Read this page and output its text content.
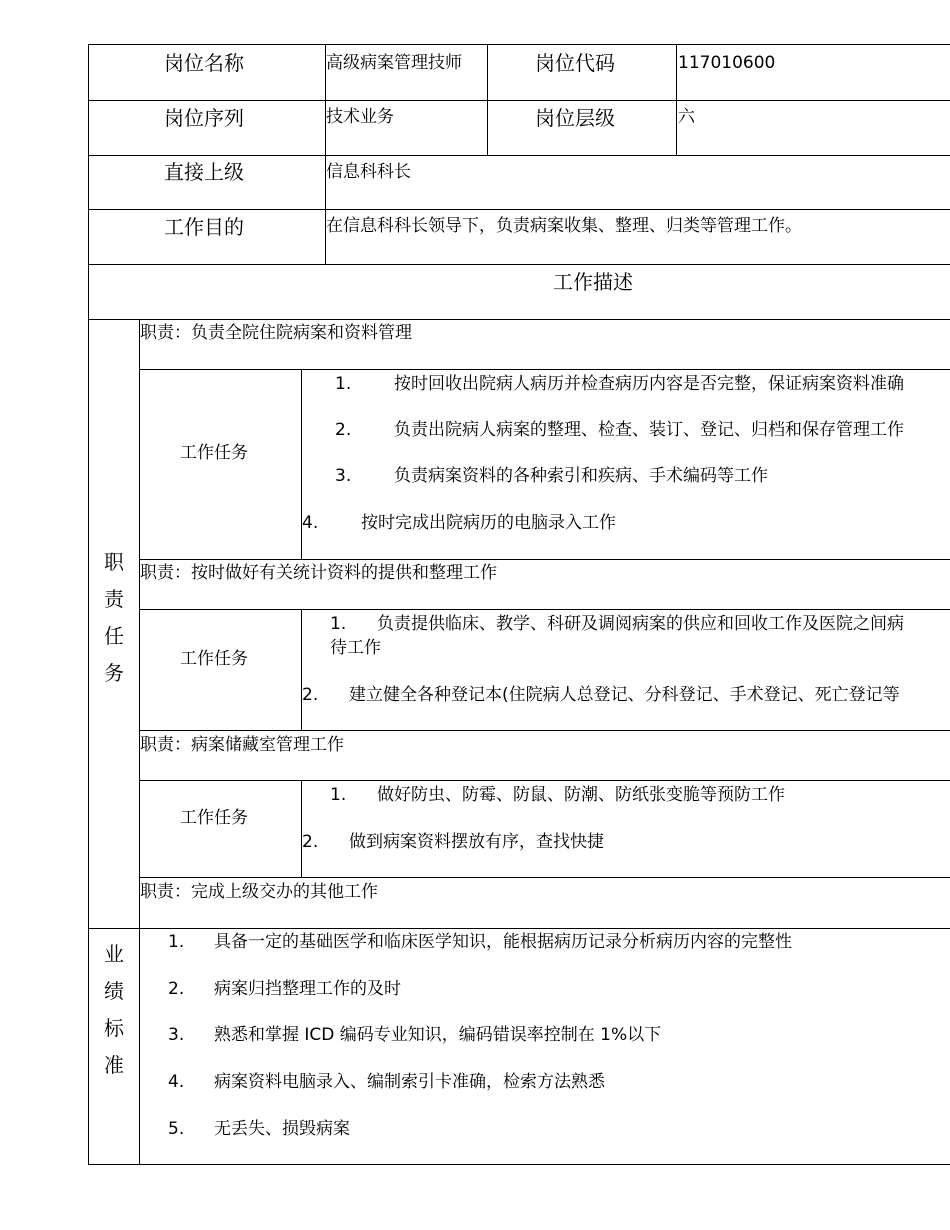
岗位名称	高级病案管理技师	岗位代码	117010600
岗位序列	技术业务	岗位层级	六
直接上级	信息科科长
工作目的	在信息科科长领导下，负责病案收集、整理、归类等管理工作。
工作描述
职
责
任
务
职责：负责全院住院病案和资料管理
工作任务
1.	按时回收出院病人病历并检查病历内容是否完整，保证病案资料准确
2.	负责出院病人病案的整理、检查、装订、登记、归档和保存管理工作
3.	负责病案资料的各种索引和疾病、手术编码等工作
4.	按时完成出院病历的电脑录入工作
职责：按时做好有关统计资料的提供和整理工作
工作任务
1. 负责提供临床、教学、科研及调阅病案的供应和回收工作及医院之间病
待工作
2. 建立健全各种登记本(住院病人总登记、分科登记、手术登记、死亡登记等
职责：病案储藏室管理工作
工作任务
1. 做好防虫、防霉、防鼠、防潮、防纸张变脆等预防工作
2. 做到病案资料摆放有序，查找快捷
职责：完成上级交办的其他工作
业
绩
标
准
1. 具备一定的基础医学和临床医学知识，能根据病历记录分析病历内容的完整性
2. 病案归挡整理工作的及时
3. 熟悉和掌握 ICD 编码专业知识，编码错误率控制在 1%以下
4. 病案资料电脑录入、编制索引卡准确，检索方法熟悉
5. 无丢失、损毁病案
